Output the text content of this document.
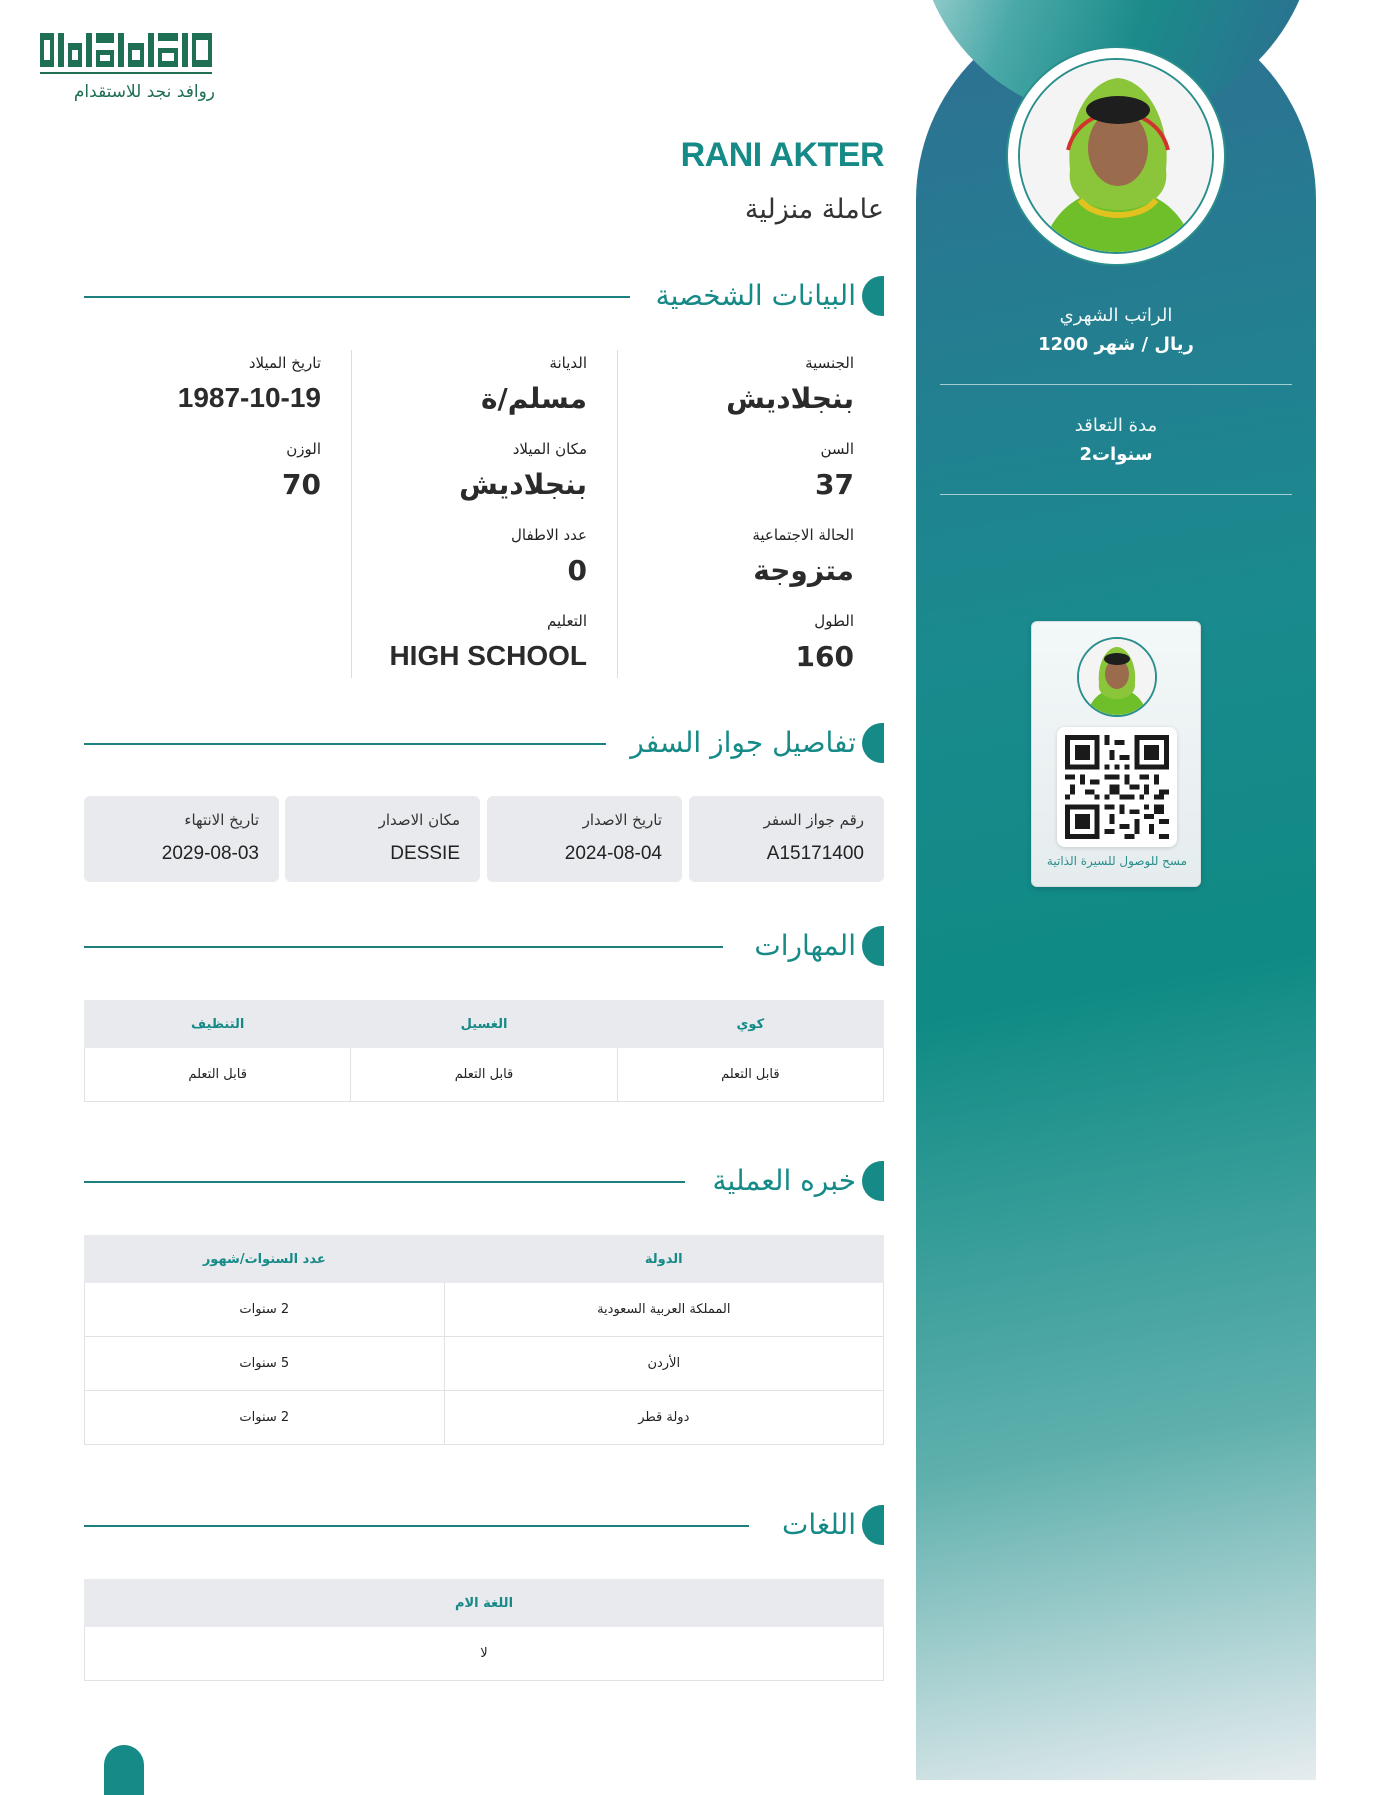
الراتب الشهري
1200 ريال / شهر
مدة التعاقد
2سنوات
مسح للوصول للسيرة الذاتية
روافد نجد للاستقدام
RANI AKTER
عاملة منزلية
البيانات الشخصية
الجنسية
بنجلاديش
السن
37
الحالة الاجتماعية
متزوجة
الطول
160
الديانة
مسلم/ة
مكان الميلاد
بنجلاديش
عدد الاطفال
0
التعليم
HIGH SCHOOL
تاريخ الميلاد
1987-10-19
الوزن
70
تفاصيل جواز السفر
رقم جواز السفر
A15171400
تاريخ الاصدار
2024-08-04
مكان الاصدار
DESSIE
تاريخ الانتهاء
2029-08-03
المهارات
كوي	الغسيل	التنظيف
قابل التعلم	قابل التعلم	قابل التعلم
خبره العملية
الدولة	عدد السنوات/شهور
المملكة العربية السعودية	2 سنوات
الأردن	5 سنوات
دولة قطر	2 سنوات
اللغات
اللغة الام
لا
